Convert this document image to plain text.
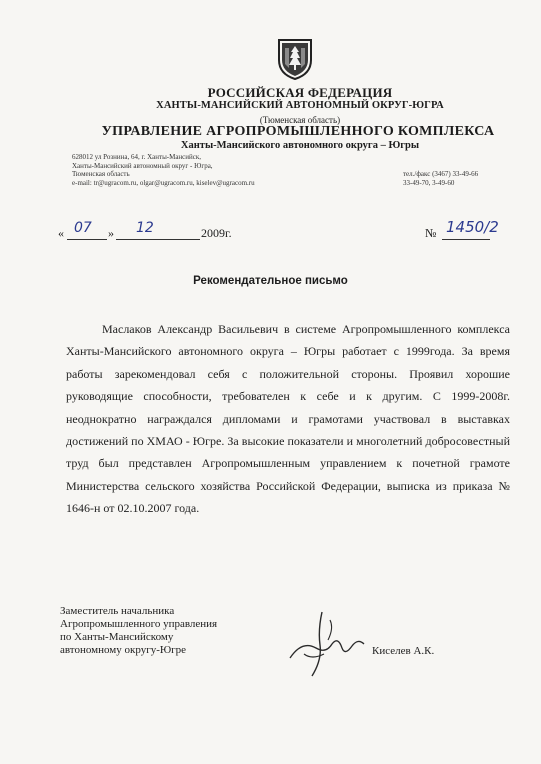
РОССИЙСКАЯ ФЕДЕРАЦИЯ
ХАНТЫ-МАНСИЙСКИЙ АВТОНОМНЫЙ ОКРУГ-ЮГРА
(Тюменская область)
УПРАВЛЕНИЕ АГРОПРОМЫШЛЕННОГО КОМПЛЕКСА
Ханты-Мансийского автономного округа – Югры
628012 ул Рознина, 64, г. Ханты-Мансийск,
Ханты-Мансийский автономный округ - Югра,
Тюменская область
e-mail: tr@ugracom.ru, olgar@ugracom.ru, kiselev@ugracom.ru
тел./факс (3467) 33-49-66
33-49-70, 3-49-60
« 07 » 12	2009г.	№ 1450/2
Рекомендательное письмо
Маслаков Александр Васильевич в системе Агропромышленного комплекса Ханты-Мансийского автономного округа – Югры работает с 1999года. За время работы зарекомендовал себя с положительной стороны. Проявил хорошие руководящие способности, требователен к себе и к другим. С 1999-2008г. неоднократно награждался дипломами и грамотами участвовал в выставках достижений по ХМАО - Югре. За высокие показатели и многолетний добросовестный труд был представлен Агропромышленным управлением к почетной грамоте Министерства сельского хозяйства Российской Федерации, выписка из приказа № 1646-н от 02.10.2007 года.
Заместитель начальника
Агропромышленного управления
по Ханты-Мансийскому
автономному округу-Югре	Киселев А.К.
